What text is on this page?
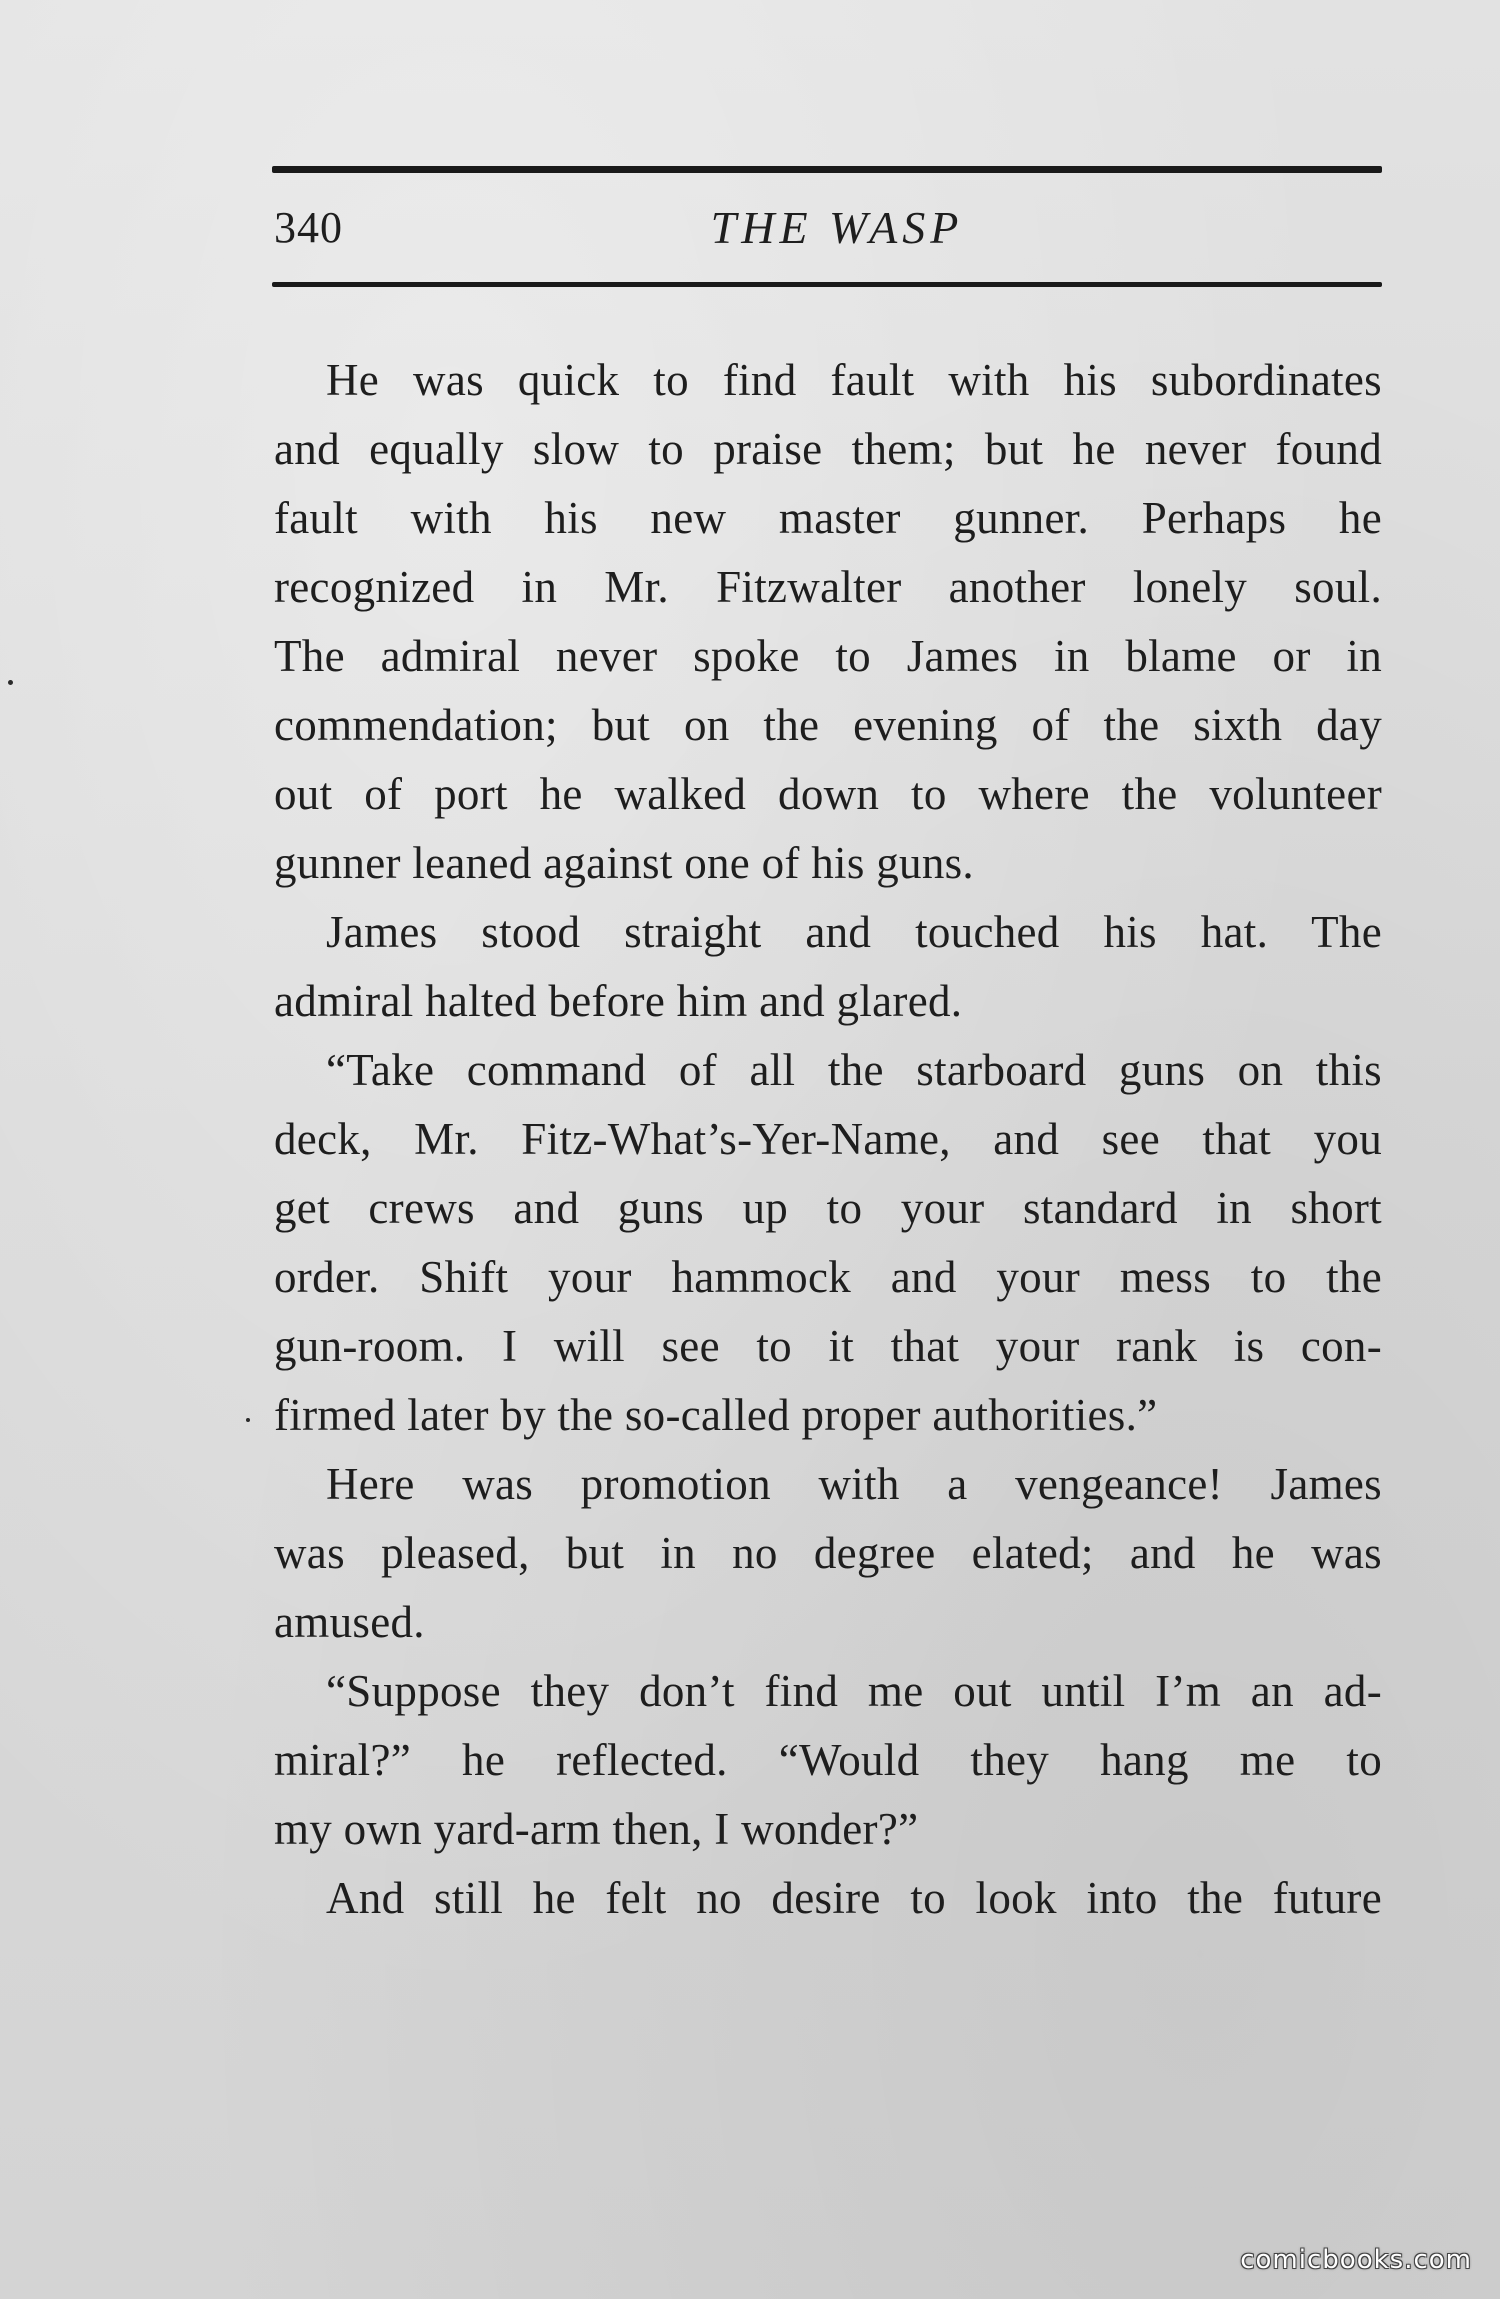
340	THE WASP
He was quick to find fault with his subordinates
and equally slow to praise them; but he never found
fault with his new master gunner. Perhaps he
recognized in Mr. Fitzwalter another lonely soul.
The admiral never spoke to James in blame or in
commendation; but on the evening of the sixth day
out of port he walked down to where the volunteer
gunner leaned against one of his guns.
James stood straight and touched his hat. The
admiral halted before him and glared.
“Take command of all the starboard guns on this
deck, Mr. Fitz-What’s-Yer-Name, and see that you
get crews and guns up to your standard in short
order. Shift your hammock and your mess to the
gun-room. I will see to it that your rank is con-
firmed later by the so-called proper authorities.”
Here was promotion with a vengeance! James
was pleased, but in no degree elated; and he was
amused.
“Suppose they don’t find me out until I’m an ad-
miral?” he reflected. “Would they hang me to
my own yard-arm then, I wonder?”
And still he felt no desire to look into the future
comicbooks.com
